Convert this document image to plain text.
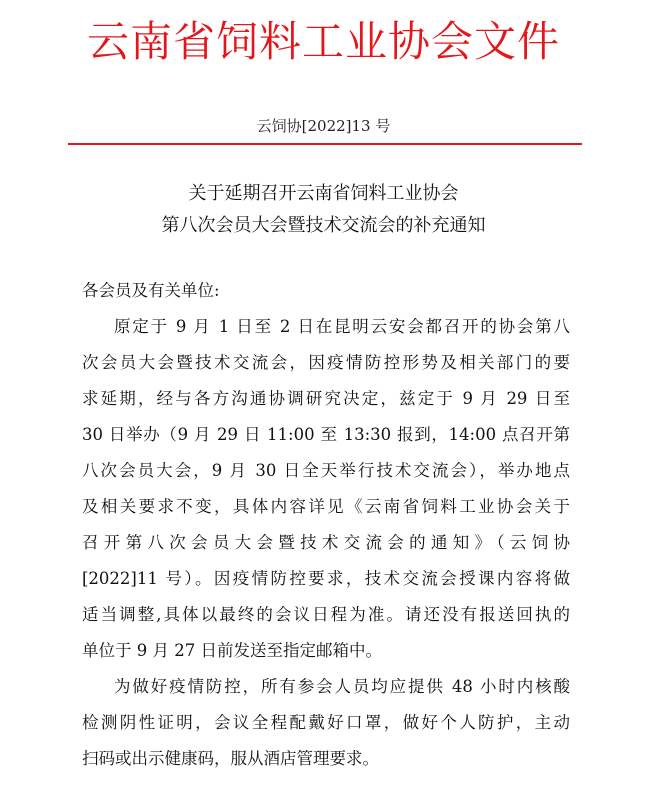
云南省饲料工业协会文件
云饲协[2022]13 号
关于延期召开云南省饲料工业协会
第八次会员大会暨技术交流会的补充通知
各会员及有关单位:
原定于 9 月 1 日至 2 日在昆明云安会都召开的协会第八
次会员大会暨技术交流会，因疫情防控形势及相关部门的要
求延期，经与各方沟通协调研究决定，兹定于 9 月 29 日至
30 日举办（9 月 29 日 11:00 至 13:30 报到，14:00 点召开第
八次会员大会，9 月 30 日全天举行技术交流会），举办地点
及相关要求不变，具体内容详见《云南省饲料工业协会关于
召开第八次会员大会暨技术交流会的通知》（云饲协
[2022]11 号）。因疫情防控要求，技术交流会授课内容将做
适当调整,具体以最终的会议日程为准。请还没有报送回执的
单位于 9 月 27 日前发送至指定邮箱中。
为做好疫情防控，所有参会人员均应提供 48 小时内核酸
检测阴性证明，会议全程配戴好口罩，做好个人防护，主动
扫码或出示健康码，服从酒店管理要求。
